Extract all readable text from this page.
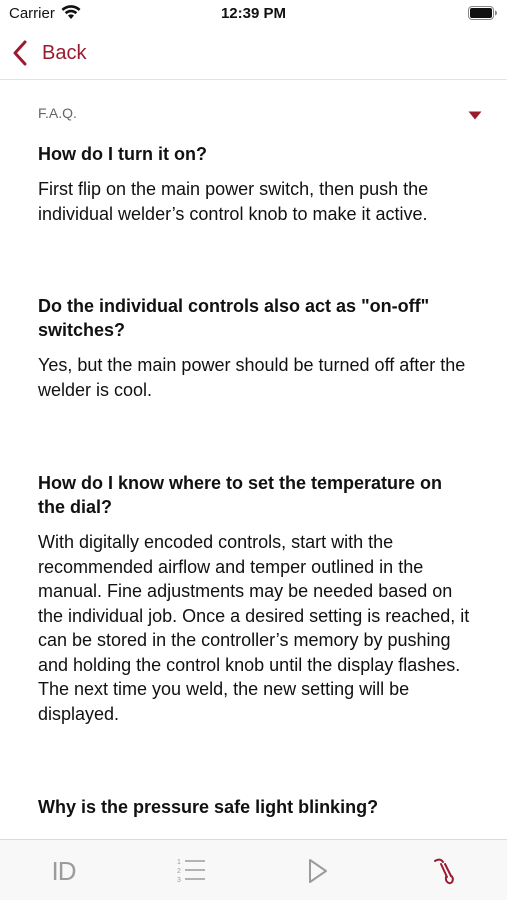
Carrier	12:39 PM
Back
F.A.Q.
How do I turn it on?
First flip on the main power switch, then push the individual welder’s control knob to make it active.
Do the individual controls also act as "on-off" switches?
Yes, but the main power should be turned off after the welder is cool.
How do I know where to set the temperature on the dial?
With digitally encoded controls, start with the recommended airflow and temper outlined in the manual. Fine adjustments may be needed based on the individual job. Once a desired setting is reached, it can be stored in the controller’s memory by pushing and holding the control knob until the display flashes. The next time you weld, the new setting will be displayed.
Why is the pressure safe light blinking?
ID	1
2
3
